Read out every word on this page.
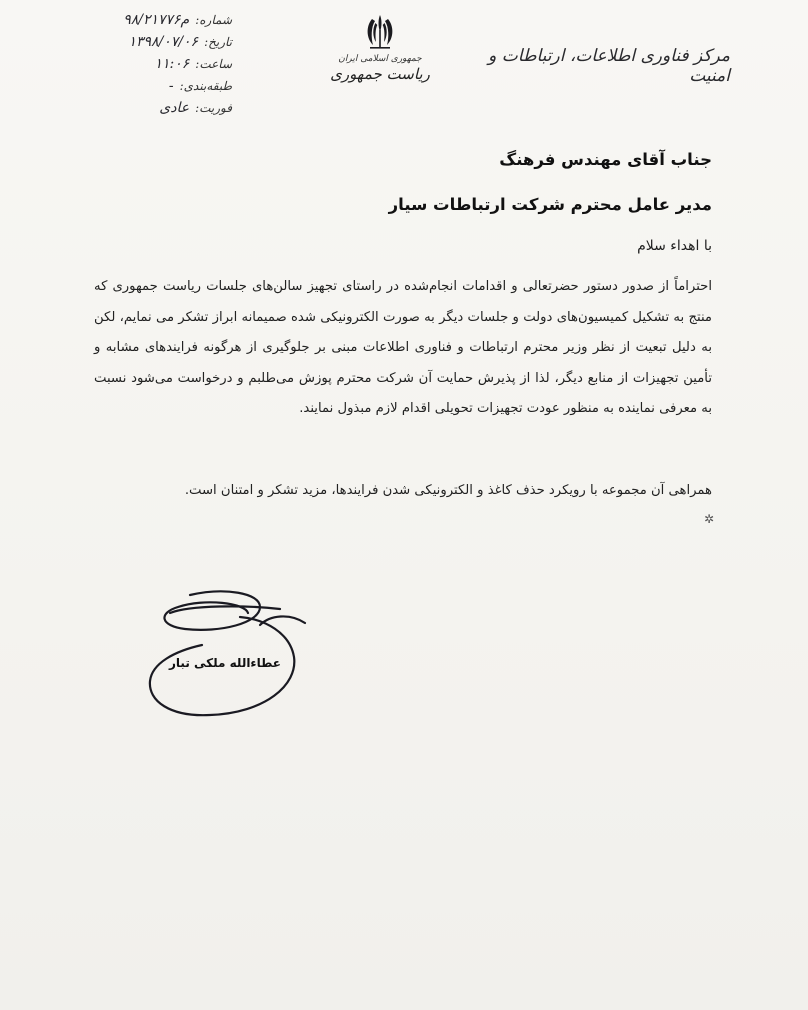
مرکز فناوری اطلاعات، ارتباطات و امنیت
جمهوری اسلامی ایران
ریاست جمهوری
شماره:
۹۸/۲۱۷۷۶م
تاریخ:
۱۳۹۸/۰۷/۰۶
ساعت:
۱۱:۰۶
طبقه‌بندی:
-
فوریت:
عادی
جناب آقای مهندس فرهنگ
مدیر عامل محترم شرکت ارتباطات سیار
با اهداء سلام

احتراماً از صدور دستور حضرتعالی و اقدامات انجام‌شده در راستای تجهیز سالن‌های جلسات ریاست جمهوری که منتج به تشکیل کمیسیون‌های دولت و جلسات دیگر به صورت الکترونیکی شده صمیمانه ابراز تشکر می نمایم، لکن به دلیل تبعیت از نظر وزیر محترم ارتباطات و فناوری اطلاعات مبنی بر جلوگیری از هرگونه فرایندهای مشابه و تأمین تجهیزات از منابع دیگر، لذا از پذیرش حمایت آن شرکت محترم پوزش می‌طلبم و درخواست می‌شود نسبت به معرفی نماینده به منظور عودت تجهیزات تحویلی اقدام لازم مبذول نمایند.

همراهی آن مجموعه با رویکرد حذف کاغذ و الکترونیکی شدن فرایندها، مزید تشکر و امتنان است.
✲
عطاء‌الله ملکی تبار
